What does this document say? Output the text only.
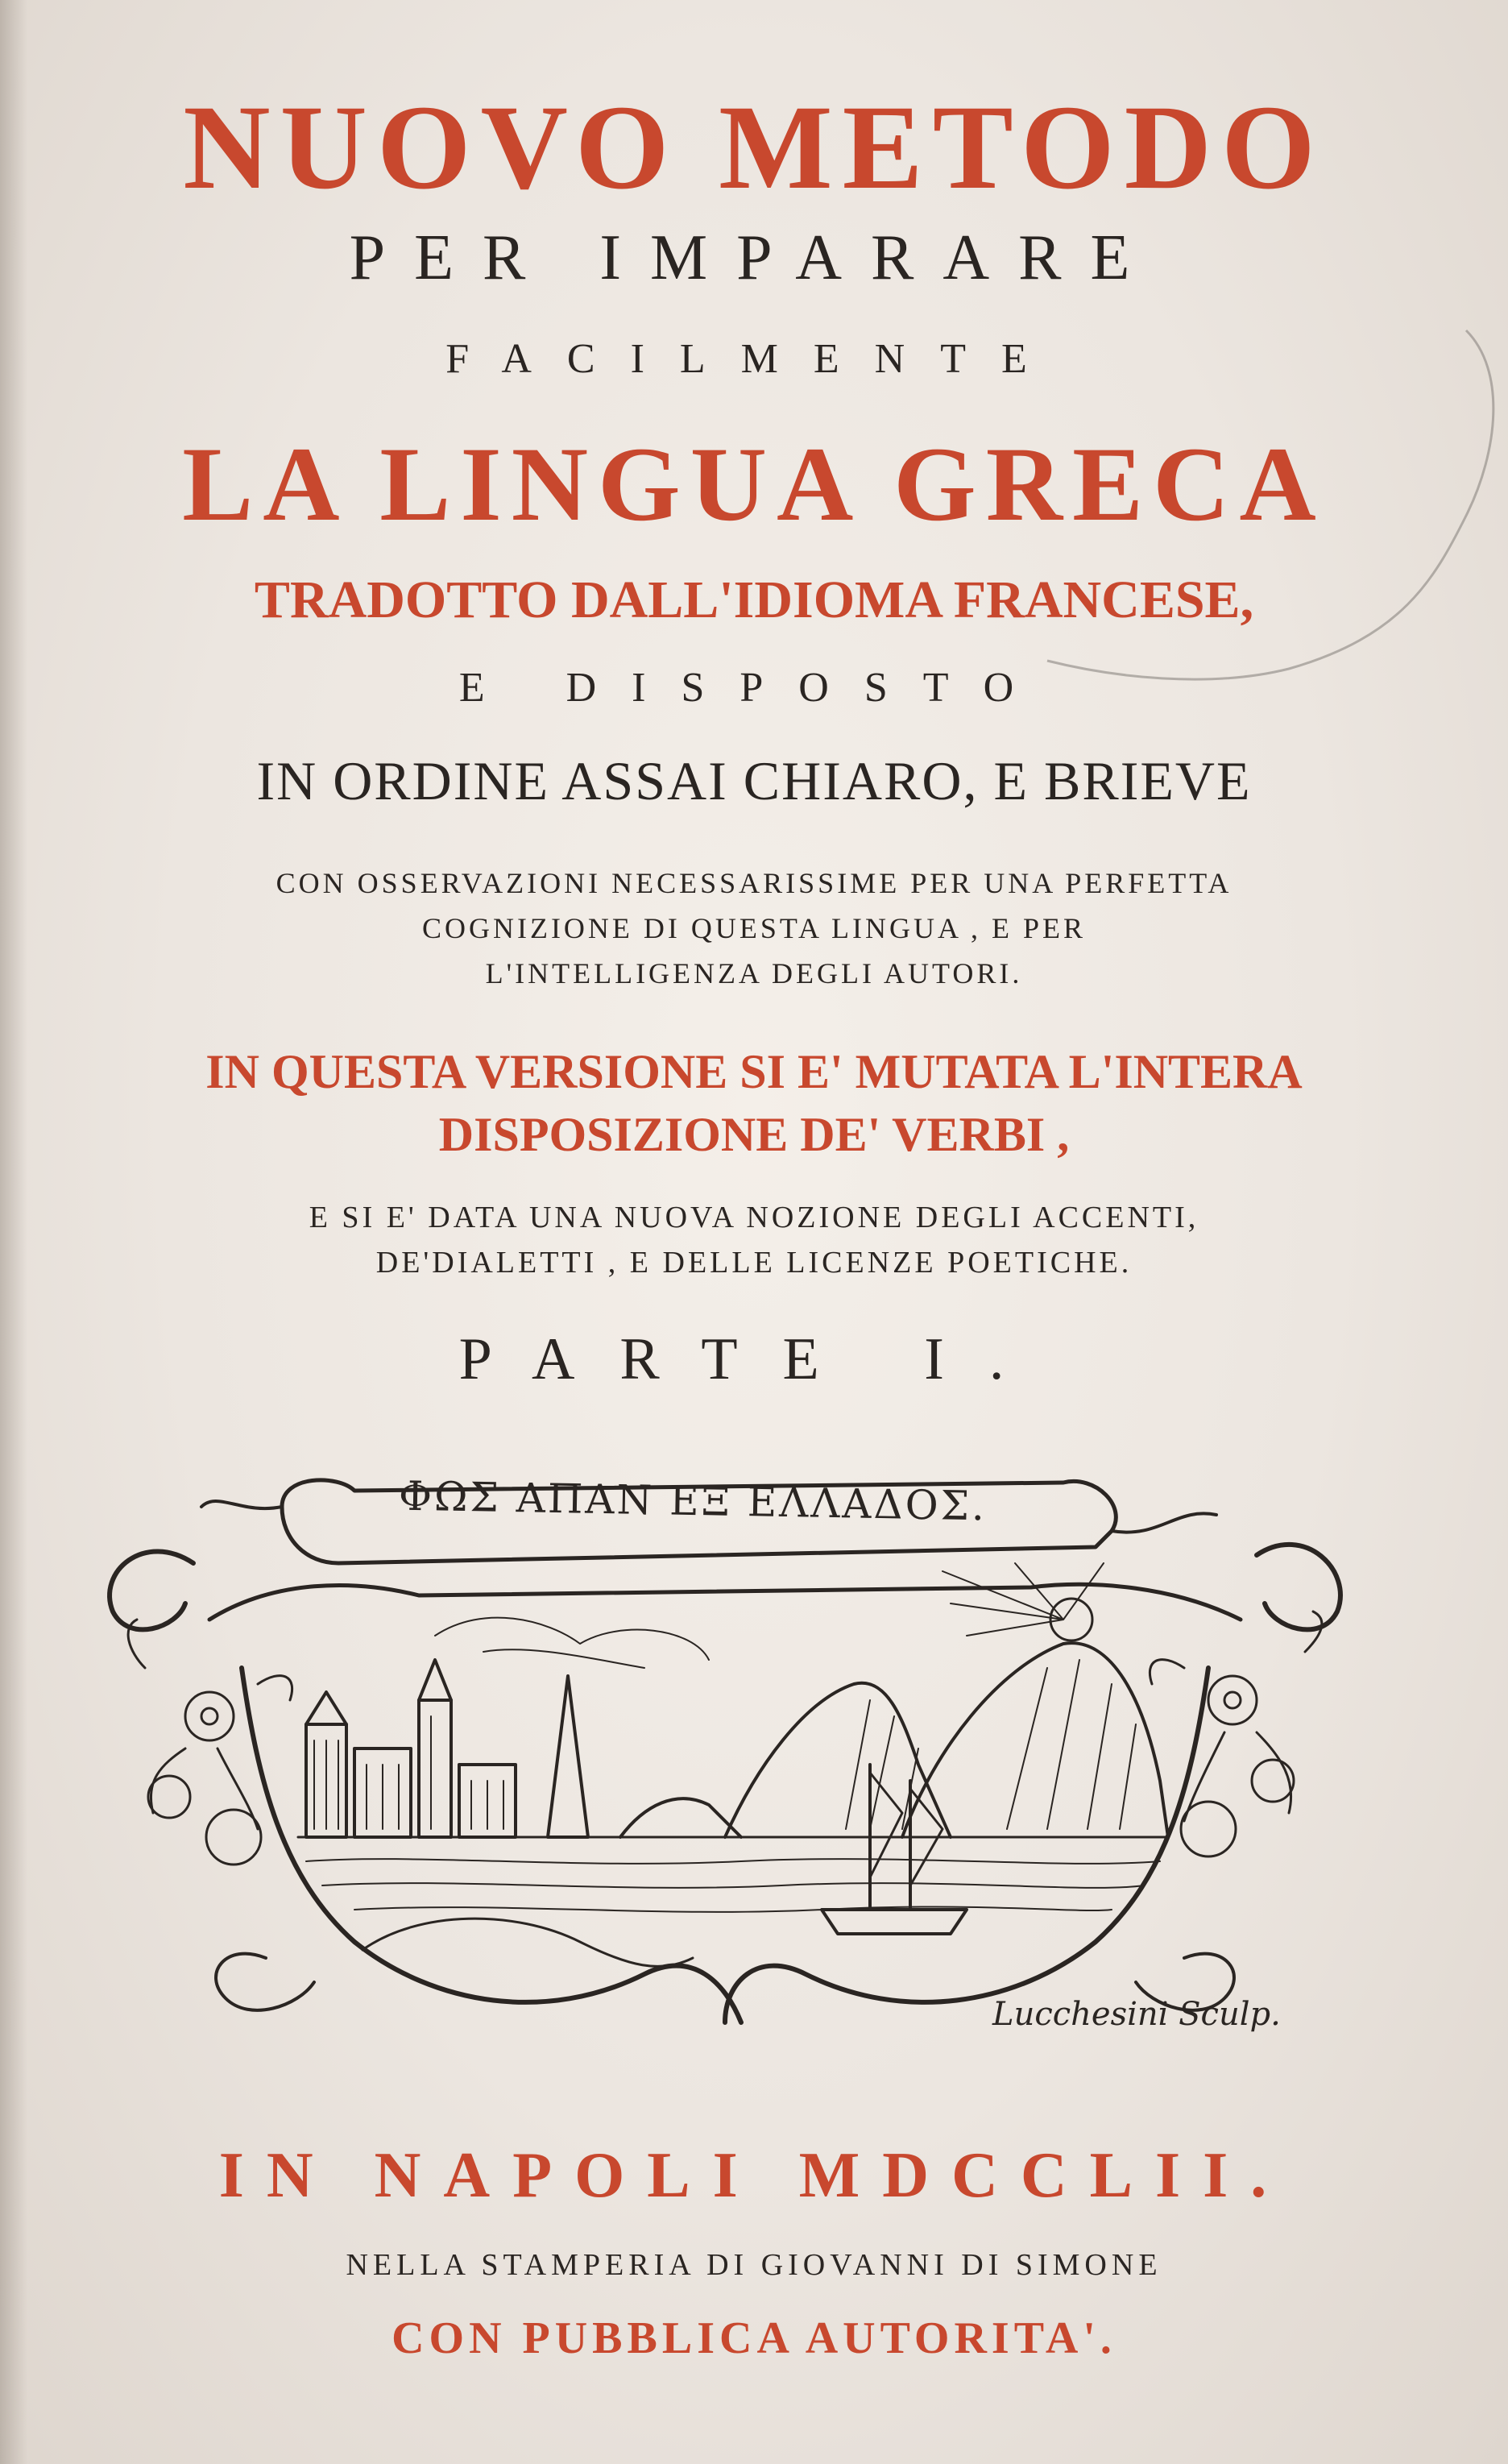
NUOVO METODO
PER IMPARARE
FACILMENTE
LA LINGUA GRECA
TRADOTTO DALL'IDIOMA FRANCESE,
E DISPOSTO
IN ORDINE ASSAI CHIARO, E BRIEVE
CON OSSERVAZIONI NECESSARISSIME PER UNA PERFETTA
COGNIZIONE DI QUESTA LINGUA , E PER
L'INTELLIGENZA DEGLI AUTORI.
IN QUESTA VERSIONE SI E' MUTATA L'INTERA
DISPOSIZIONE DE' VERBI ,
E SI E' DATA UNA NUOVA NOZIONE DEGLI ACCENTI,
DE'DIALETTI , E DELLE LICENZE POETICHE.
PARTE I.
ΦΩΣ ΑΠΑΝ ΕΞ ΕΛΛΑΔΟΣ.
Lucchesini Sculp.
IN NAPOLI MDCCLII.
NELLA STAMPERIA DI GIOVANNI DI SIMONE
CON PUBBLICA AUTORITA'.
